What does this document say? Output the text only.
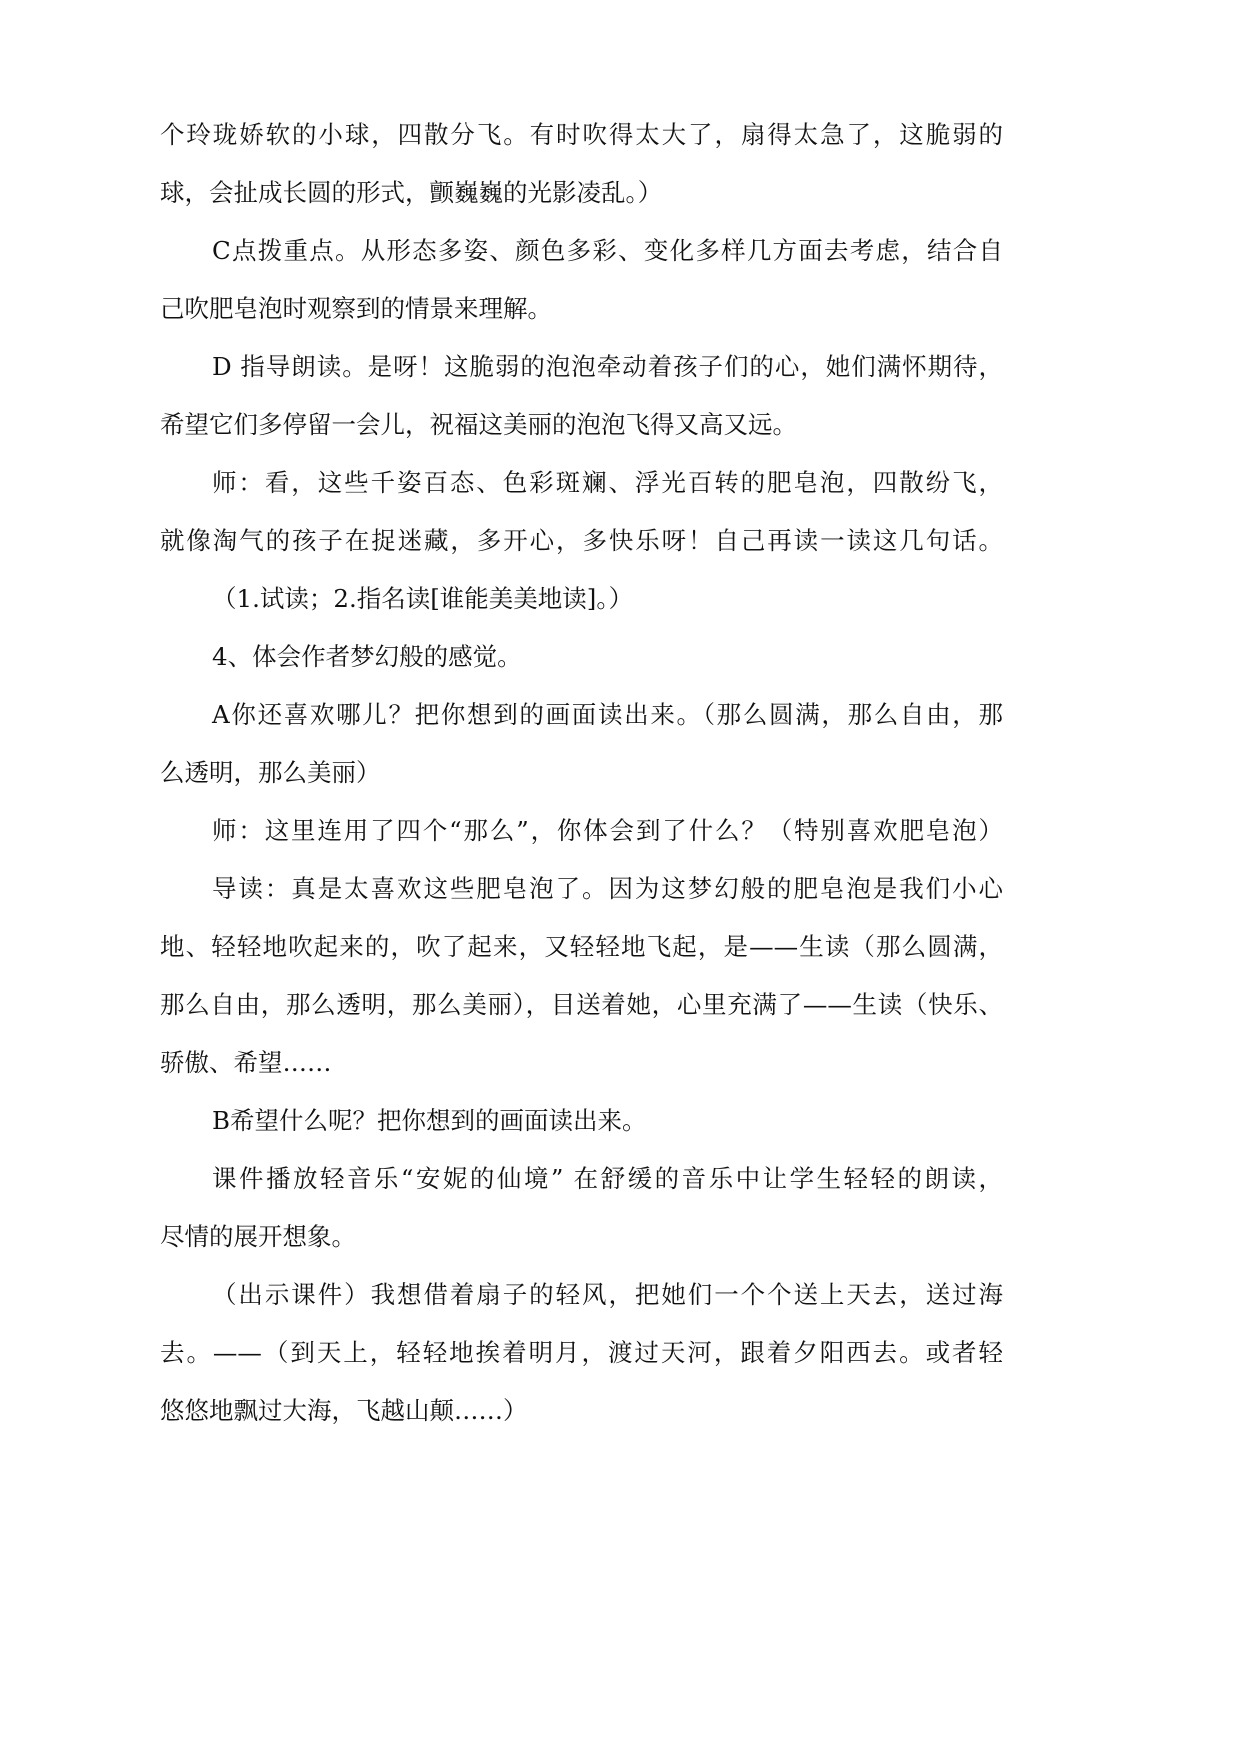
个玲珑娇软的小球，四散分飞。有时吹得太大了，扇得太急了，这脆弱的
球，会扯成长圆的形式，颤巍巍的光影凌乱。）
C点拨重点。从形态多姿、颜色多彩、变化多样几方面去考虑，结合自
己吹肥皂泡时观察到的情景来理解。
D 指导朗读。是呀！这脆弱的泡泡牵动着孩子们的心，她们满怀期待，
希望它们多停留一会儿，祝福这美丽的泡泡飞得又高又远。
师：看，这些千姿百态、色彩斑斓、浮光百转的肥皂泡，四散纷飞，
就像淘气的孩子在捉迷藏，多开心，多快乐呀！自己再读一读这几句话。
（1.试读；2.指名读[谁能美美地读]。）
4、体会作者梦幻般的感觉。
A你还喜欢哪儿？把你想到的画面读出来。（那么圆满，那么自由，那
么透明，那么美丽）
师：这里连用了四个“那么”，你体会到了什么？（特别喜欢肥皂泡）
导读：真是太喜欢这些肥皂泡了。因为这梦幻般的肥皂泡是我们小心
地、轻轻地吹起来的，吹了起来，又轻轻地飞起，是——生读（那么圆满，
那么自由，那么透明，那么美丽），目送着她，心里充满了——生读（快乐、
骄傲、希望……
B希望什么呢？把你想到的画面读出来。
课件播放轻音乐“安妮的仙境” 在舒缓的音乐中让学生轻轻的朗读，
尽情的展开想象。
（出示课件）我想借着扇子的轻风，把她们一个个送上天去，送过海
去。——（到天上，轻轻地挨着明月，渡过天河，跟着夕阳西去。或者轻
悠悠地飘过大海，飞越山颠……）
